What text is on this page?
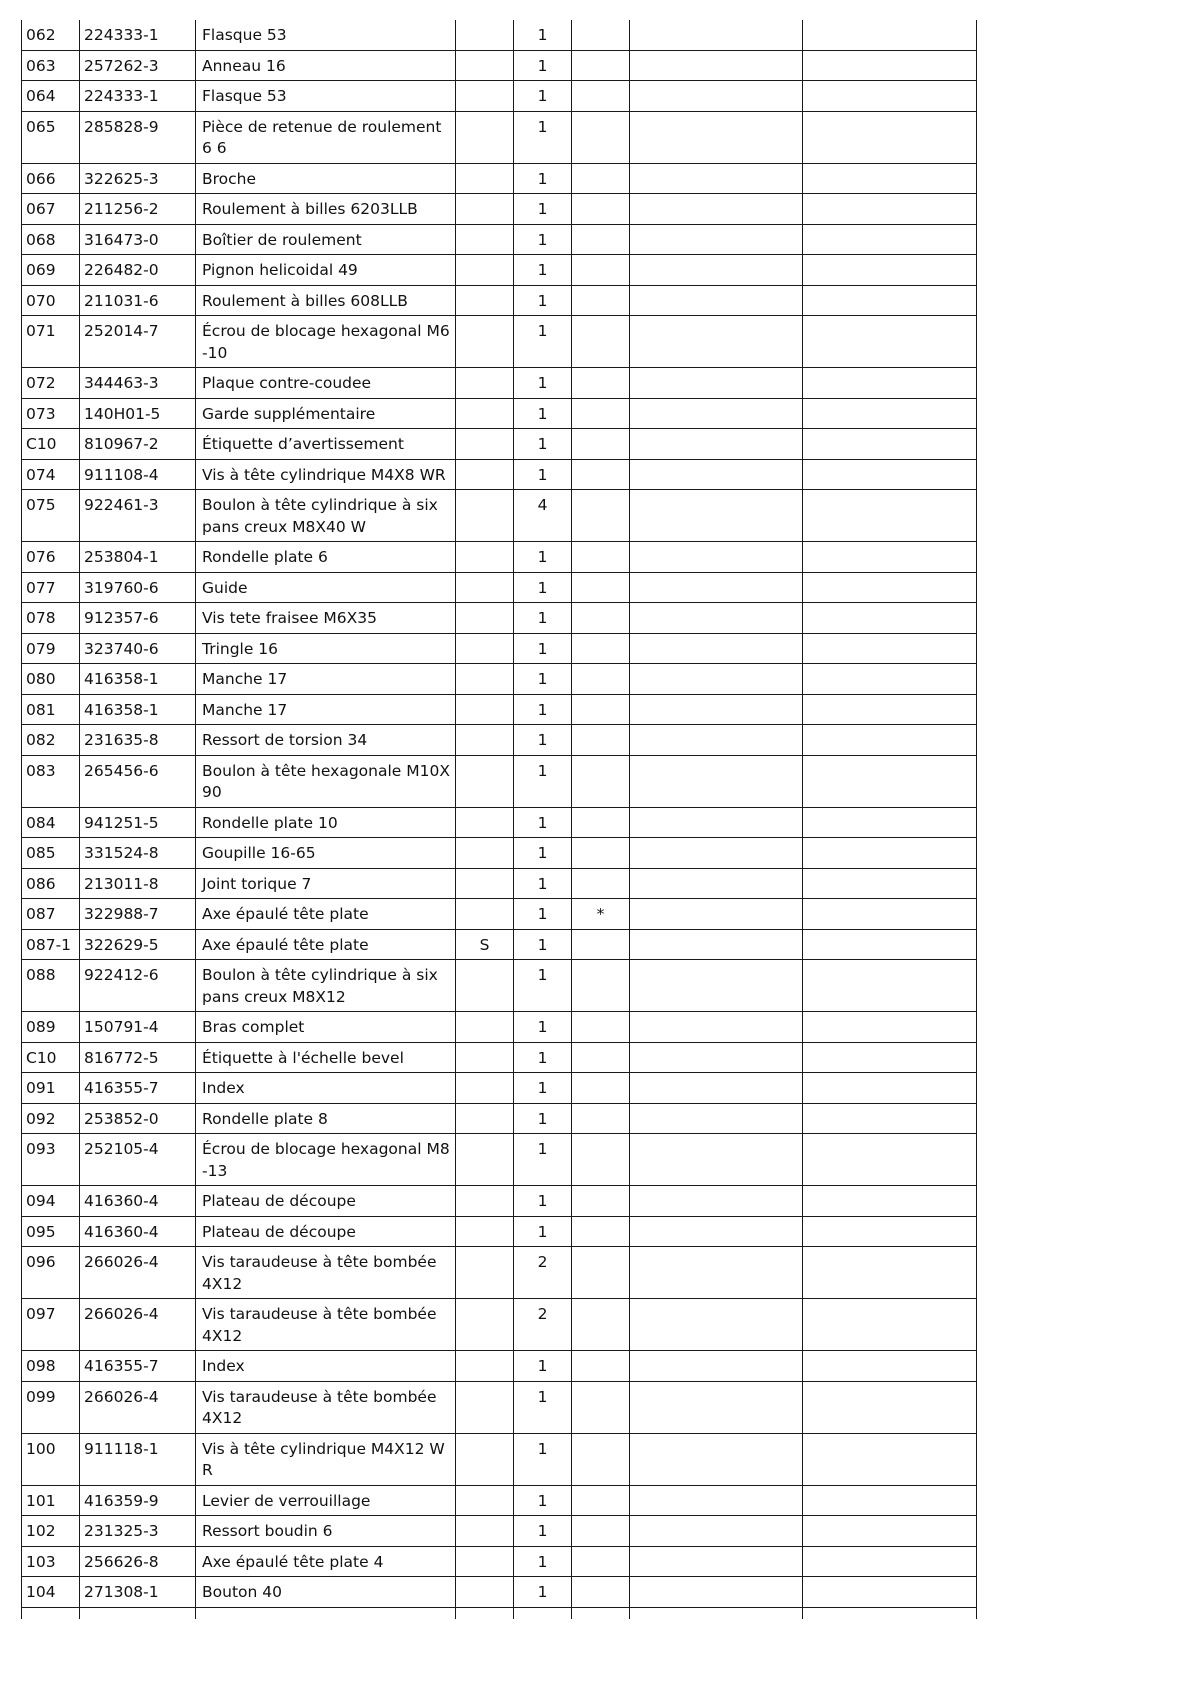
062	224333-1	Flasque 53		1			
063	257262-3	Anneau 16		1			
064	224333-1	Flasque 53		1			
065	285828-9	Pièce de retenue de roulement 6 6		1			
066	322625-3	Broche		1			
067	211256-2	Roulement à billes 6203LLB		1			
068	316473-0	Boîtier de roulement		1			
069	226482-0	Pignon helicoidal 49		1			
070	211031-6	Roulement à billes 608LLB		1			
071	252014-7	Écrou de blocage hexagonal M6-10		1			
072	344463-3	Plaque contre-coudee		1			
073	140H01-5	Garde supplémentaire		1			
C10	810967-2	Étiquette d’avertissement		1			
074	911108-4	Vis à tête cylindrique M4X8 WR		1			
075	922461-3	Boulon à tête cylindrique à six pans creux M8X40 W		4			
076	253804-1	Rondelle plate 6		1			
077	319760-6	Guide		1			
078	912357-6	Vis tete fraisee M6X35		1			
079	323740-6	Tringle 16		1			
080	416358-1	Manche 17		1			
081	416358-1	Manche 17		1			
082	231635-8	Ressort de torsion 34		1			
083	265456-6	Boulon à tête hexagonale M10X90		1			
084	941251-5	Rondelle plate 10		1			
085	331524-8	Goupille 16-65		1			
086	213011-8	Joint torique 7		1			
087	322988-7	Axe épaulé tête plate		1	*		
087-1	322629-5	Axe épaulé tête plate	S	1			
088	922412-6	Boulon à tête cylindrique à six pans creux M8X12		1			
089	150791-4	Bras complet		1			
C10	816772-5	Étiquette à l'échelle bevel		1			
091	416355-7	Index		1			
092	253852-0	Rondelle plate 8		1			
093	252105-4	Écrou de blocage hexagonal M8-13		1			
094	416360-4	Plateau de découpe		1			
095	416360-4	Plateau de découpe		1			
096	266026-4	Vis taraudeuse à tête bombée 4X12		2			
097	266026-4	Vis taraudeuse à tête bombée 4X12		2			
098	416355-7	Index		1			
099	266026-4	Vis taraudeuse à tête bombée 4X12		1			
100	911118-1	Vis à tête cylindrique M4X12 WR		1			
101	416359-9	Levier de verrouillage		1			
102	231325-3	Ressort boudin 6		1			
103	256626-8	Axe épaulé tête plate 4		1			
104	271308-1	Bouton 40		1			
